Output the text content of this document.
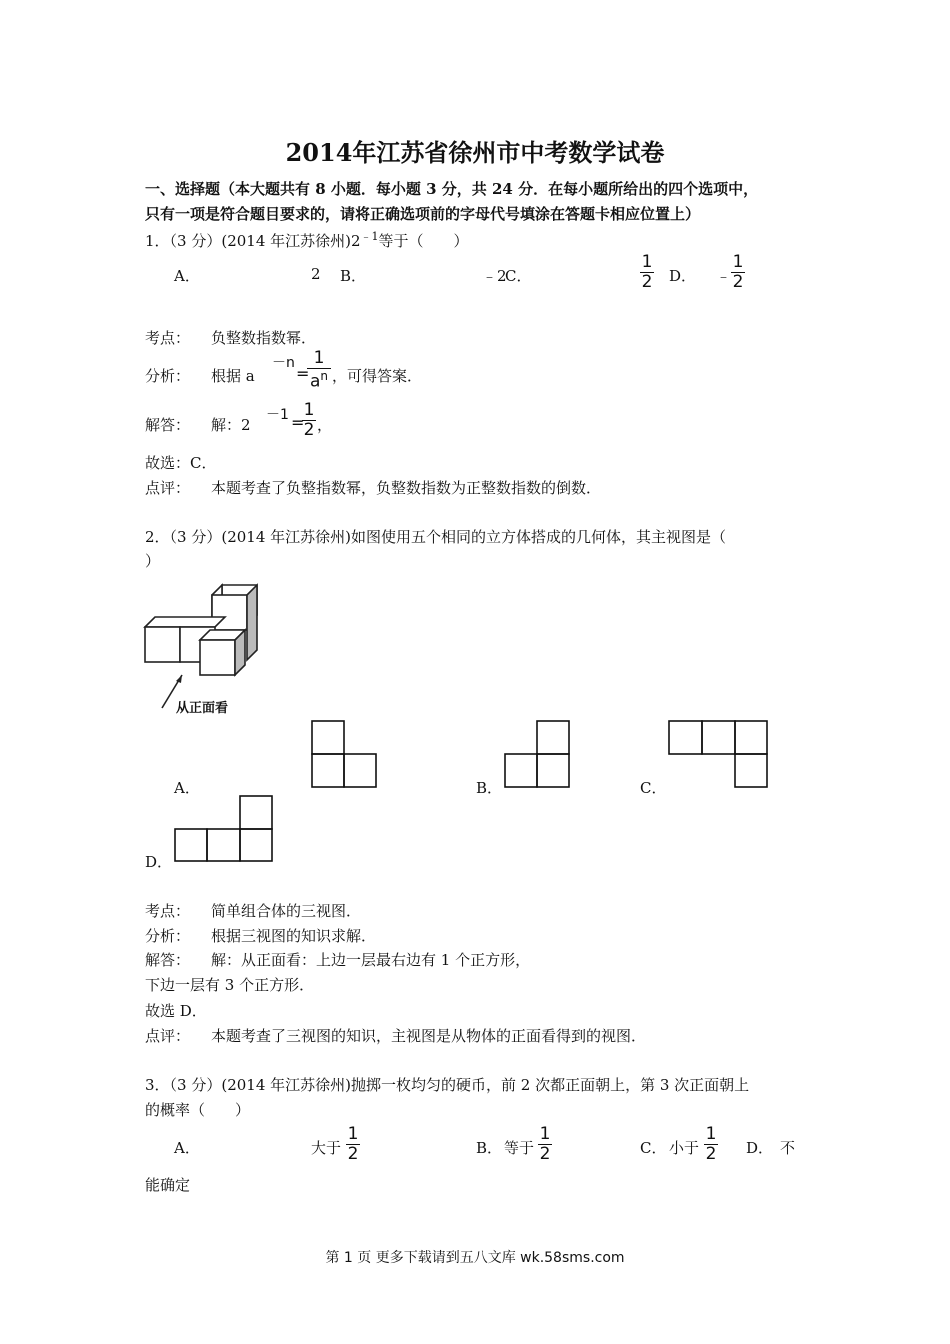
2014年江苏省徐州市中考数学试卷
一、选择题（本大题共有 8 小题．每小题 3 分，共 24 分．在每小题所给出的四个选项中，
只有一项是符合题目要求的，请将正确选项前的字母代号填涂在答题卡相应位置上）
1．（3 分）(2014 年江苏徐州)$2^{﹣1}$等于（　　）
A．	2 B．	﹣2
C．
1
2 D． ﹣
1
2
考点： 负整数指数幂．
分析： 根据 a
－n
=
1
$a^n$ ，可得答案．
解答： 解：2
－1 =
1
2 ，
故选：C．
点评： 本题考查了负整指数幂，负整数指数为正整数指数的倒数．
2．（3 分）(2014 年江苏徐州)如图使用五个相同的立方体搭成的几何体，其主视图是（
）
从正面看
A．	B．	C．
D．
考点： 简单组合体的三视图．
分析： 根据三视图的知识求解．
解答： 解：从正面看：上边一层最右边有 1 个正方形，
下边一层有 3 个正方形．
故选 D．
点评： 本题考查了三视图的知识，主视图是从物体的正面看得到的视图．
3．（3 分）(2014 年江苏徐州)抛掷一枚均匀的硬币，前 2 次都正面朝上，第 3 次正面朝上
的概率（　　）
A．	大于
1
2	B． 等于
1
2	C． 小于
1
2 D． 不
能确定
第 1 页 更多下载请到五八文库 wk.58sms.com
